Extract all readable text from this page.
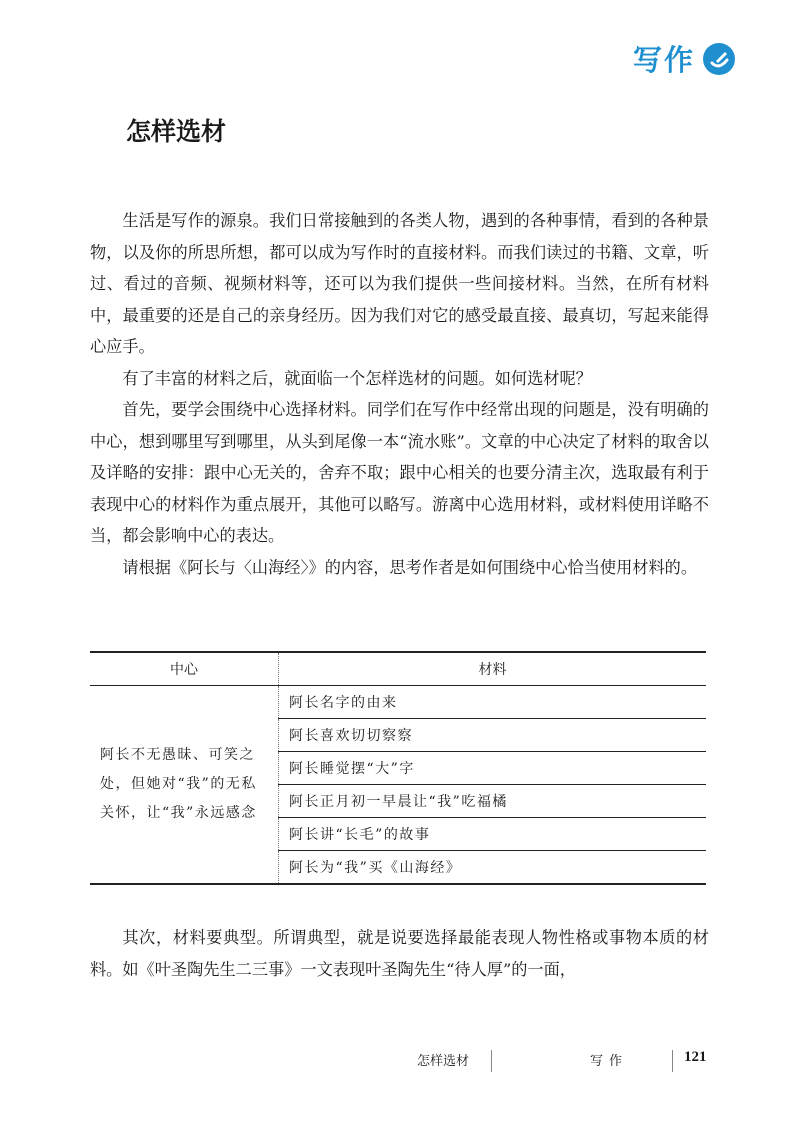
写作
怎样选材

生活是写作的源泉。我们日常接触到的各类人物，遇到的各种事情，看到的各种景物，以及你的所思所想，都可以成为写作时的直接材料。而我们读过的书籍、文章，听过、看过的音频、视频材料等，还可以为我们提供一些间接材料。当然，在所有材料中，最重要的还是自己的亲身经历。因为我们对它的感受最直接、最真切，写起来能得心应手。

有了丰富的材料之后，就面临一个怎样选材的问题。如何选材呢？

首先，要学会围绕中心选择材料。同学们在写作中经常出现的问题是，没有明确的中心，想到哪里写到哪里，从头到尾像一本“流水账”。文章的中心决定了材料的取舍以及详略的安排：跟中心无关的，舍弃不取；跟中心相关的也要分清主次，选取最有利于表现中心的材料作为重点展开，其他可以略写。游离中心选用材料，或材料使用详略不当，都会影响中心的表达。

请根据《阿长与〈山海经〉》的内容，思考作者是如何围绕中心恰当使用材料的。

中心	材料
阿长不无愚昧、可笑之处，但她对“我”的无私关怀，让“我”永远感念	阿长名字的由来
	阿长喜欢切切察察
	阿长睡觉摆“大”字
	阿长正月初一早晨让“我”吃福橘
	阿长讲“长毛”的故事
	阿长为“我”买《山海经》

其次，材料要典型。所谓典型，就是说要选择最能表现人物性格或事物本质的材料。如《叶圣陶先生二三事》一文表现叶圣陶先生“待人厚”的一面，

怎样选材	写作	121
